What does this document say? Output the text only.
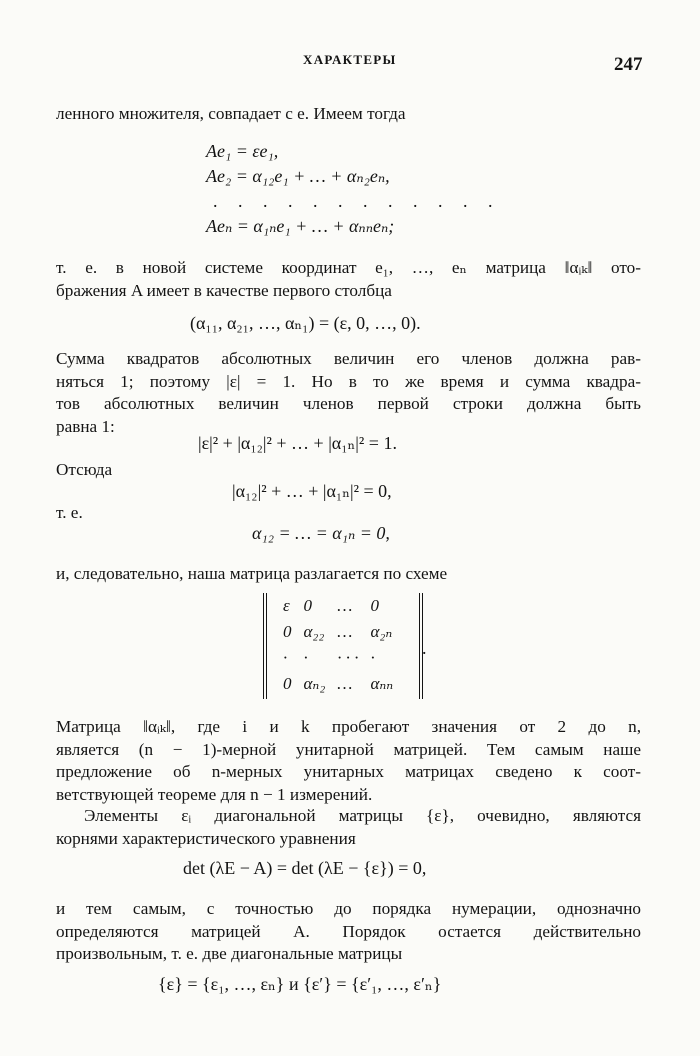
ХАРАКТЕРЫ	247
ленного множителя, совпадает с e. Имеем тогда
Ae₁ = εe₁,
Ae₂ = α₁₂e₁ + … + αₙ₂eₙ,
. . . . . . . . . . . .
Aeₙ = α₁ₙe₁ + … + αₙₙeₙ;
т. е. в новой системе координат e₁, …, eₙ матрица ‖αᵢₖ‖ ото-
бражения A имеет в качестве первого столбца
(α₁₁, α₂₁, …, αₙ₁) = (ε, 0, …, 0).
Сумма квадратов абсолютных величин его членов должна рав-
няться 1; поэтому |ε| = 1. Но в то же время и сумма квадра-
тов абсолютных величин членов первой строки должна быть
равна 1:
|ε|² + |α₁₂|² + … + |α₁ₙ|² = 1.
Отсюда
|α₁₂|² + … + |α₁ₙ|² = 0,
т. е.
α₁₂ = … = α₁ₙ = 0,
и, следовательно, наша матрица разлагается по схеме
ε	0	…	0
0	α₂₂	…	α₂ₙ
·	·	· · ·	·
0	αₙ₂	…	αₙₙ
.
Матрица ‖αᵢₖ‖, где i и k пробегают значения от 2 до n,
является (n − 1)-мерной унитарной матрицей. Тем самым наше
предложение об n-мерных унитарных матрицах сведено к соот-
ветствующей теореме для n − 1 измерений.
Элементы εᵢ диагональной матрицы {ε}, очевидно, являются
корнями характеристического уравнения
det (λE − A) = det (λE − {ε}) = 0,
и тем самым, с точностью до порядка нумерации, однозначно
определяются матрицей A. Порядок остается действительно
произвольным, т. е. две диагональные матрицы
{ε} = {ε₁, …, εₙ} и {ε′} = {ε′₁, …, ε′ₙ}
